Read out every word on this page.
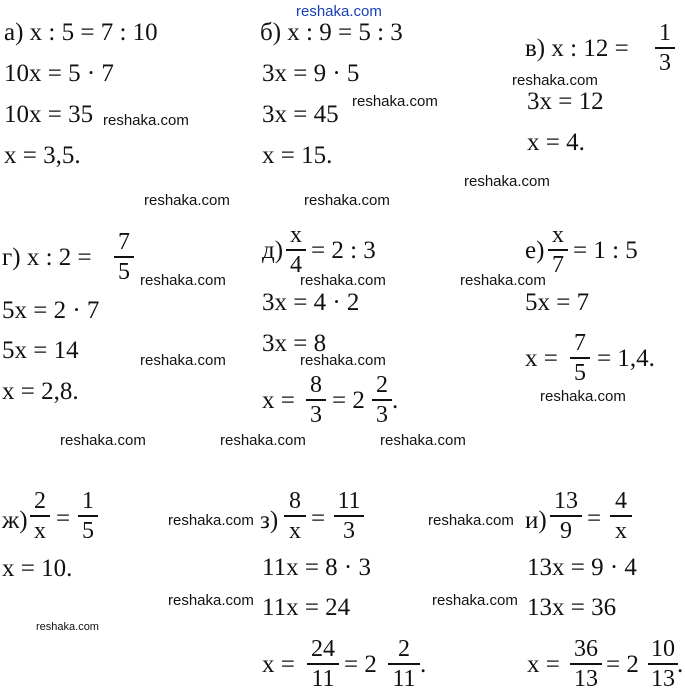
reshaka.com
а) x : 5 = 7 : 10
10x = 5 · 7
10x = 35
x = 3,5.
б) x : 9 = 5 : 3
3x = 9 · 5
3x = 45
x = 15.
в) x : 12 =
1
3
3x = 12
x = 4.
г) x : 2 =
7
5
5x = 2 · 7
5x = 14
x = 2,8.
д)
x
4
= 2 : 3
3x = 4 · 2
3x = 8
x =
8
3
= 2
2
3
.
е)
x
7
= 1 : 5
5x = 7
x =
7
5
= 1,4.
ж)
2
x =
1
5
x = 10.
з)
8
x =
11
3
11x = 8 · 3
11x = 24
x =
24
11
= 2
2
11
.
и)
13
9 =
4
x
13x = 9 · 4
13x = 36
x =
36
13
= 2
10
13
.
reshaka.com
reshaka.com
reshaka.com
reshaka.com
reshaka.com	reshaka.com
reshaka.com	reshaka.com	reshaka.com
reshaka.com	reshaka.com
reshaka.com
reshaka.com	reshaka.com	reshaka.com
reshaka.com	reshaka.com
reshaka.com	reshaka.com
reshaka.com
